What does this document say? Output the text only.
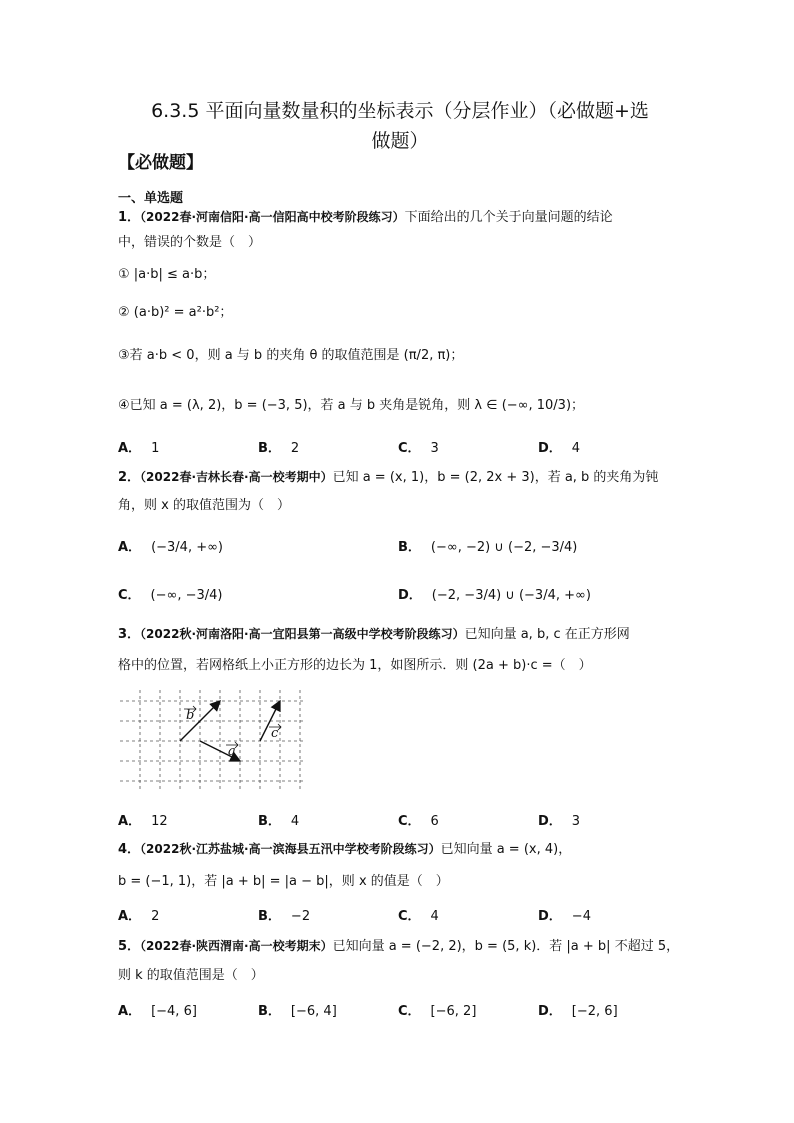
6.3.5 平面向量数量积的坐标表示（分层作业）（必做题+选
做题）
【必做题】
一、单选题
1．（2022春·河南信阳·高一信阳高中校考阶段练习）下面给出的几个关于向量问题的结论
中，错误的个数是（　）
① |a·b| ≤ a·b；
② (a·b)² = a²·b²；
③若 a·b < 0，则 a 与 b 的夹角 θ 的取值范围是 (π/2, π)；
④已知 a = (λ, 2)，b = (−3, 5)，若 a 与 b 夹角是锐角，则 λ ∈ (−∞, 10/3)；
A． 1	B． 2	C． 3	D． 4
2．（2022春·吉林长春·高一校考期中）已知 a = (x, 1)，b = (2, 2x + 3)，若 a, b 的夹角为钝
角，则 x 的取值范围为（　）
A． (−3/4, +∞)	B． (−∞, −2) ∪ (−2, −3/4)
C． (−∞, −3/4)	D． (−2, −3/4) ∪ (−3/4, +∞)
3．（2022秋·河南洛阳·高一宜阳县第一高级中学校考阶段练习）已知向量 a, b, c 在正方形网
格中的位置，若网格纸上小正方形的边长为 1，如图所示．则 (2a + b)·c =（　）
b
a
c
A． 12	B． 4	C． 6	D． 3
4．（2022秋·江苏盐城·高一滨海县五汛中学校考阶段练习）已知向量 a = (x, 4)，
b = (−1, 1)，若 |a + b| = |a − b|，则 x 的值是（　）
A． 2	B． −2	C． 4	D． −4
5．（2022春·陕西渭南·高一校考期末）已知向量 a = (−2, 2)，b = (5, k)．若 |a + b| 不超过 5，
则 k 的取值范围是（　）
A． [−4, 6]	B． [−6, 4]	C． [−6, 2]	D． [−2, 6]
